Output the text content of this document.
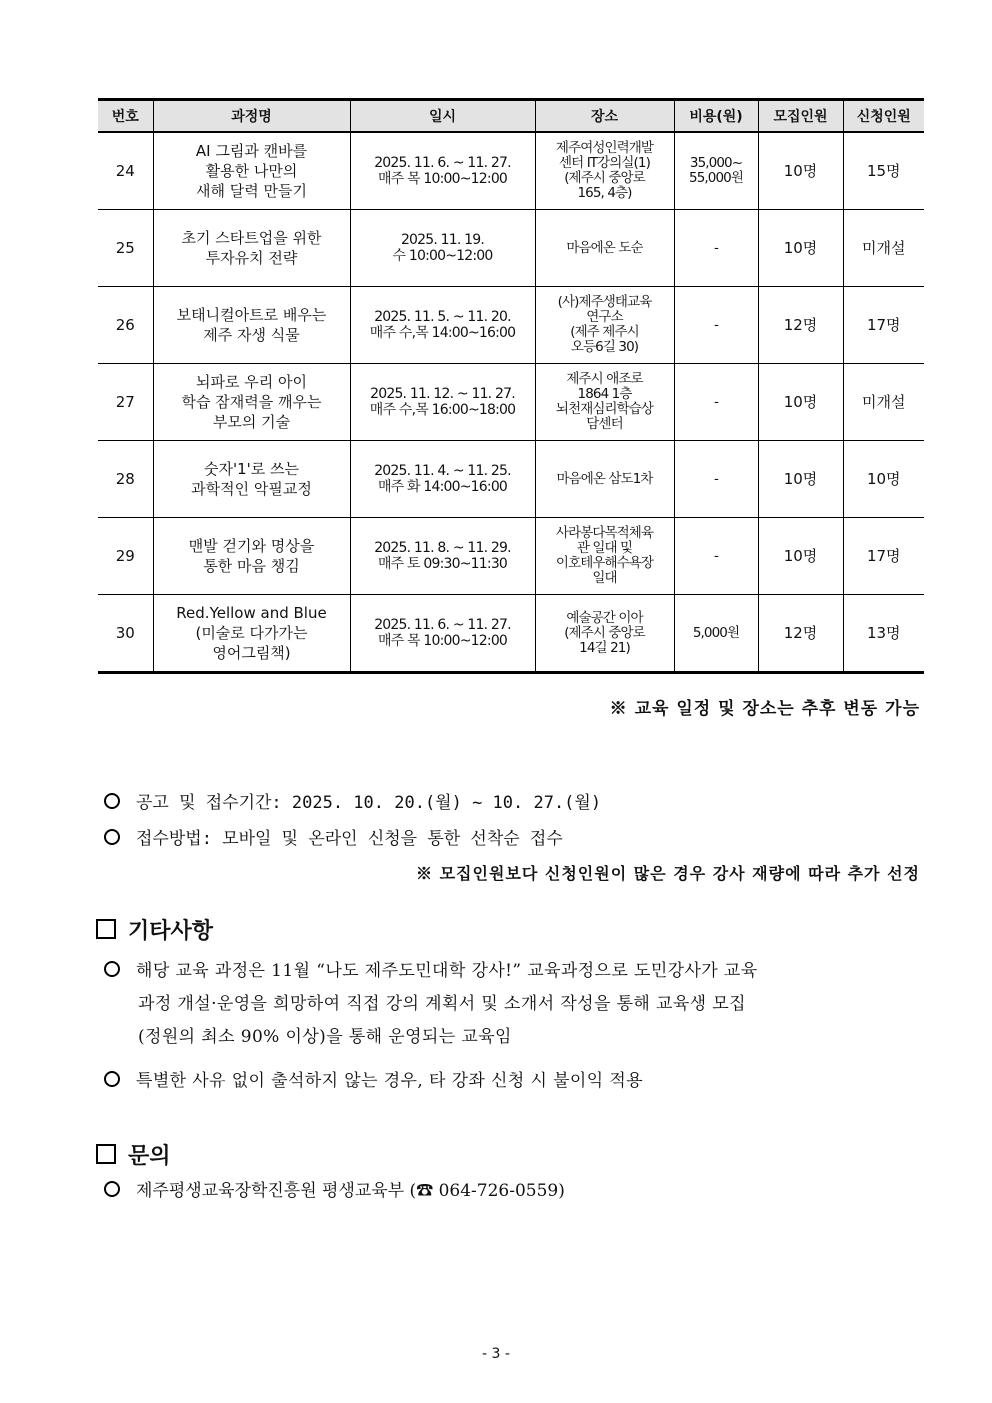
번호	과정명	일시	장소	비용(원)	모집인원	신청인원
24	AI 그림과 캔바를
활용한 나만의
새해 달력 만들기	2025. 11. 6. ~ 11. 27.
매주 목 10:00~12:00	제주여성인력개발
센터 IT강의실(1)
(제주시 중앙로
165, 4층)	35,000~
55,000원	10명	15명
25	초기 스타트업을 위한
투자유치 전략	2025. 11. 19.
수 10:00~12:00	마음에온 도순	-	10명	미개설
26	보태니컬아트로 배우는
제주 자생 식물	2025. 11. 5. ~ 11. 20.
매주 수,목 14:00~16:00	(사)제주생태교육
연구소
(제주 제주시
오등6길 30)	-	12명	17명
27	뇌파로 우리 아이
학습 잠재력을 깨우는
부모의 기술	2025. 11. 12. ~ 11. 27.
매주 수,목 16:00~18:00	제주시 애조로
1864 1층
뇌천재심리학습상
담센터	-	10명	미개설
28	숫자'1'로 쓰는
과학적인 악필교정	2025. 11. 4. ~ 11. 25.
매주 화 14:00~16:00	마음에온 삼도1차	-	10명	10명
29	맨발 걷기와 명상을
통한 마음 챙김	2025. 11. 8. ~ 11. 29.
매주 토 09:30~11:30	사라봉다목적체육
관 일대 및
이호테우해수욕장
일대	-	10명	17명
30	Red.Yellow and Blue
(미술로 다가가는
영어그림책)	2025. 11. 6. ~ 11. 27.
매주 목 10:00~12:00	예술공간 이아
(제주시 중앙로
14길 21)	5,000원	12명	13명
※ 교육 일정 및 장소는 추후 변동 가능
공고 및 접수기간: 2025. 10. 20.(월) ~ 10. 27.(월)
접수방법: 모바일 및 온라인 신청을 통한 선착순 접수
※ 모집인원보다 신청인원이 많은 경우 강사 재량에 따라 추가 선정
기타사항
해당 교육 과정은 11월 “나도 제주도민대학 강사!” 교육과정으로 도민강사가 교육
과정 개설·운영을 희망하여 직접 강의 계획서 및 소개서 작성을 통해 교육생 모집
(정원의 최소 90% 이상)을 통해 운영되는 교육임
특별한 사유 없이 출석하지 않는 경우, 타 강좌 신청 시 불이익 적용
문의
제주평생교육장학진흥원 평생교육부 (☎ 064-726-0559)
- 3 -
